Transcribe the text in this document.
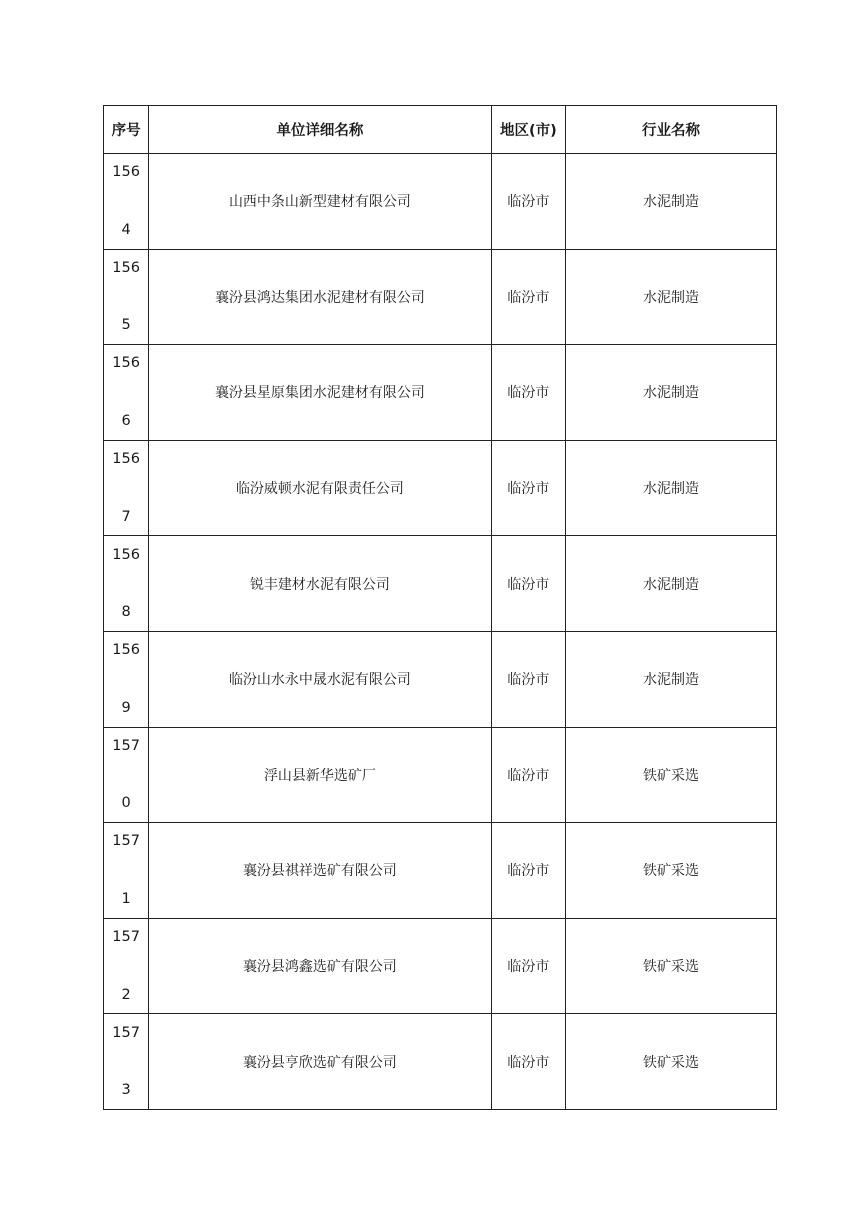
序号	单位详细名称	地区(市)	行业名称

156
4	山西中条山新型建材有限公司	临汾市	水泥制造

156
5	襄汾县鸿达集团水泥建材有限公司	临汾市	水泥制造

156
6	襄汾县星原集团水泥建材有限公司	临汾市	水泥制造

156
7	临汾威顿水泥有限责任公司	临汾市	水泥制造

156
8	锐丰建材水泥有限公司	临汾市	水泥制造

156
9	临汾山水永中晟水泥有限公司	临汾市	水泥制造

157
0	浮山县新华选矿厂	临汾市	铁矿采选

157
1	襄汾县祺祥选矿有限公司	临汾市	铁矿采选

157
2	襄汾县鸿鑫选矿有限公司	临汾市	铁矿采选

157
3	襄汾县亨欣选矿有限公司	临汾市	铁矿采选
